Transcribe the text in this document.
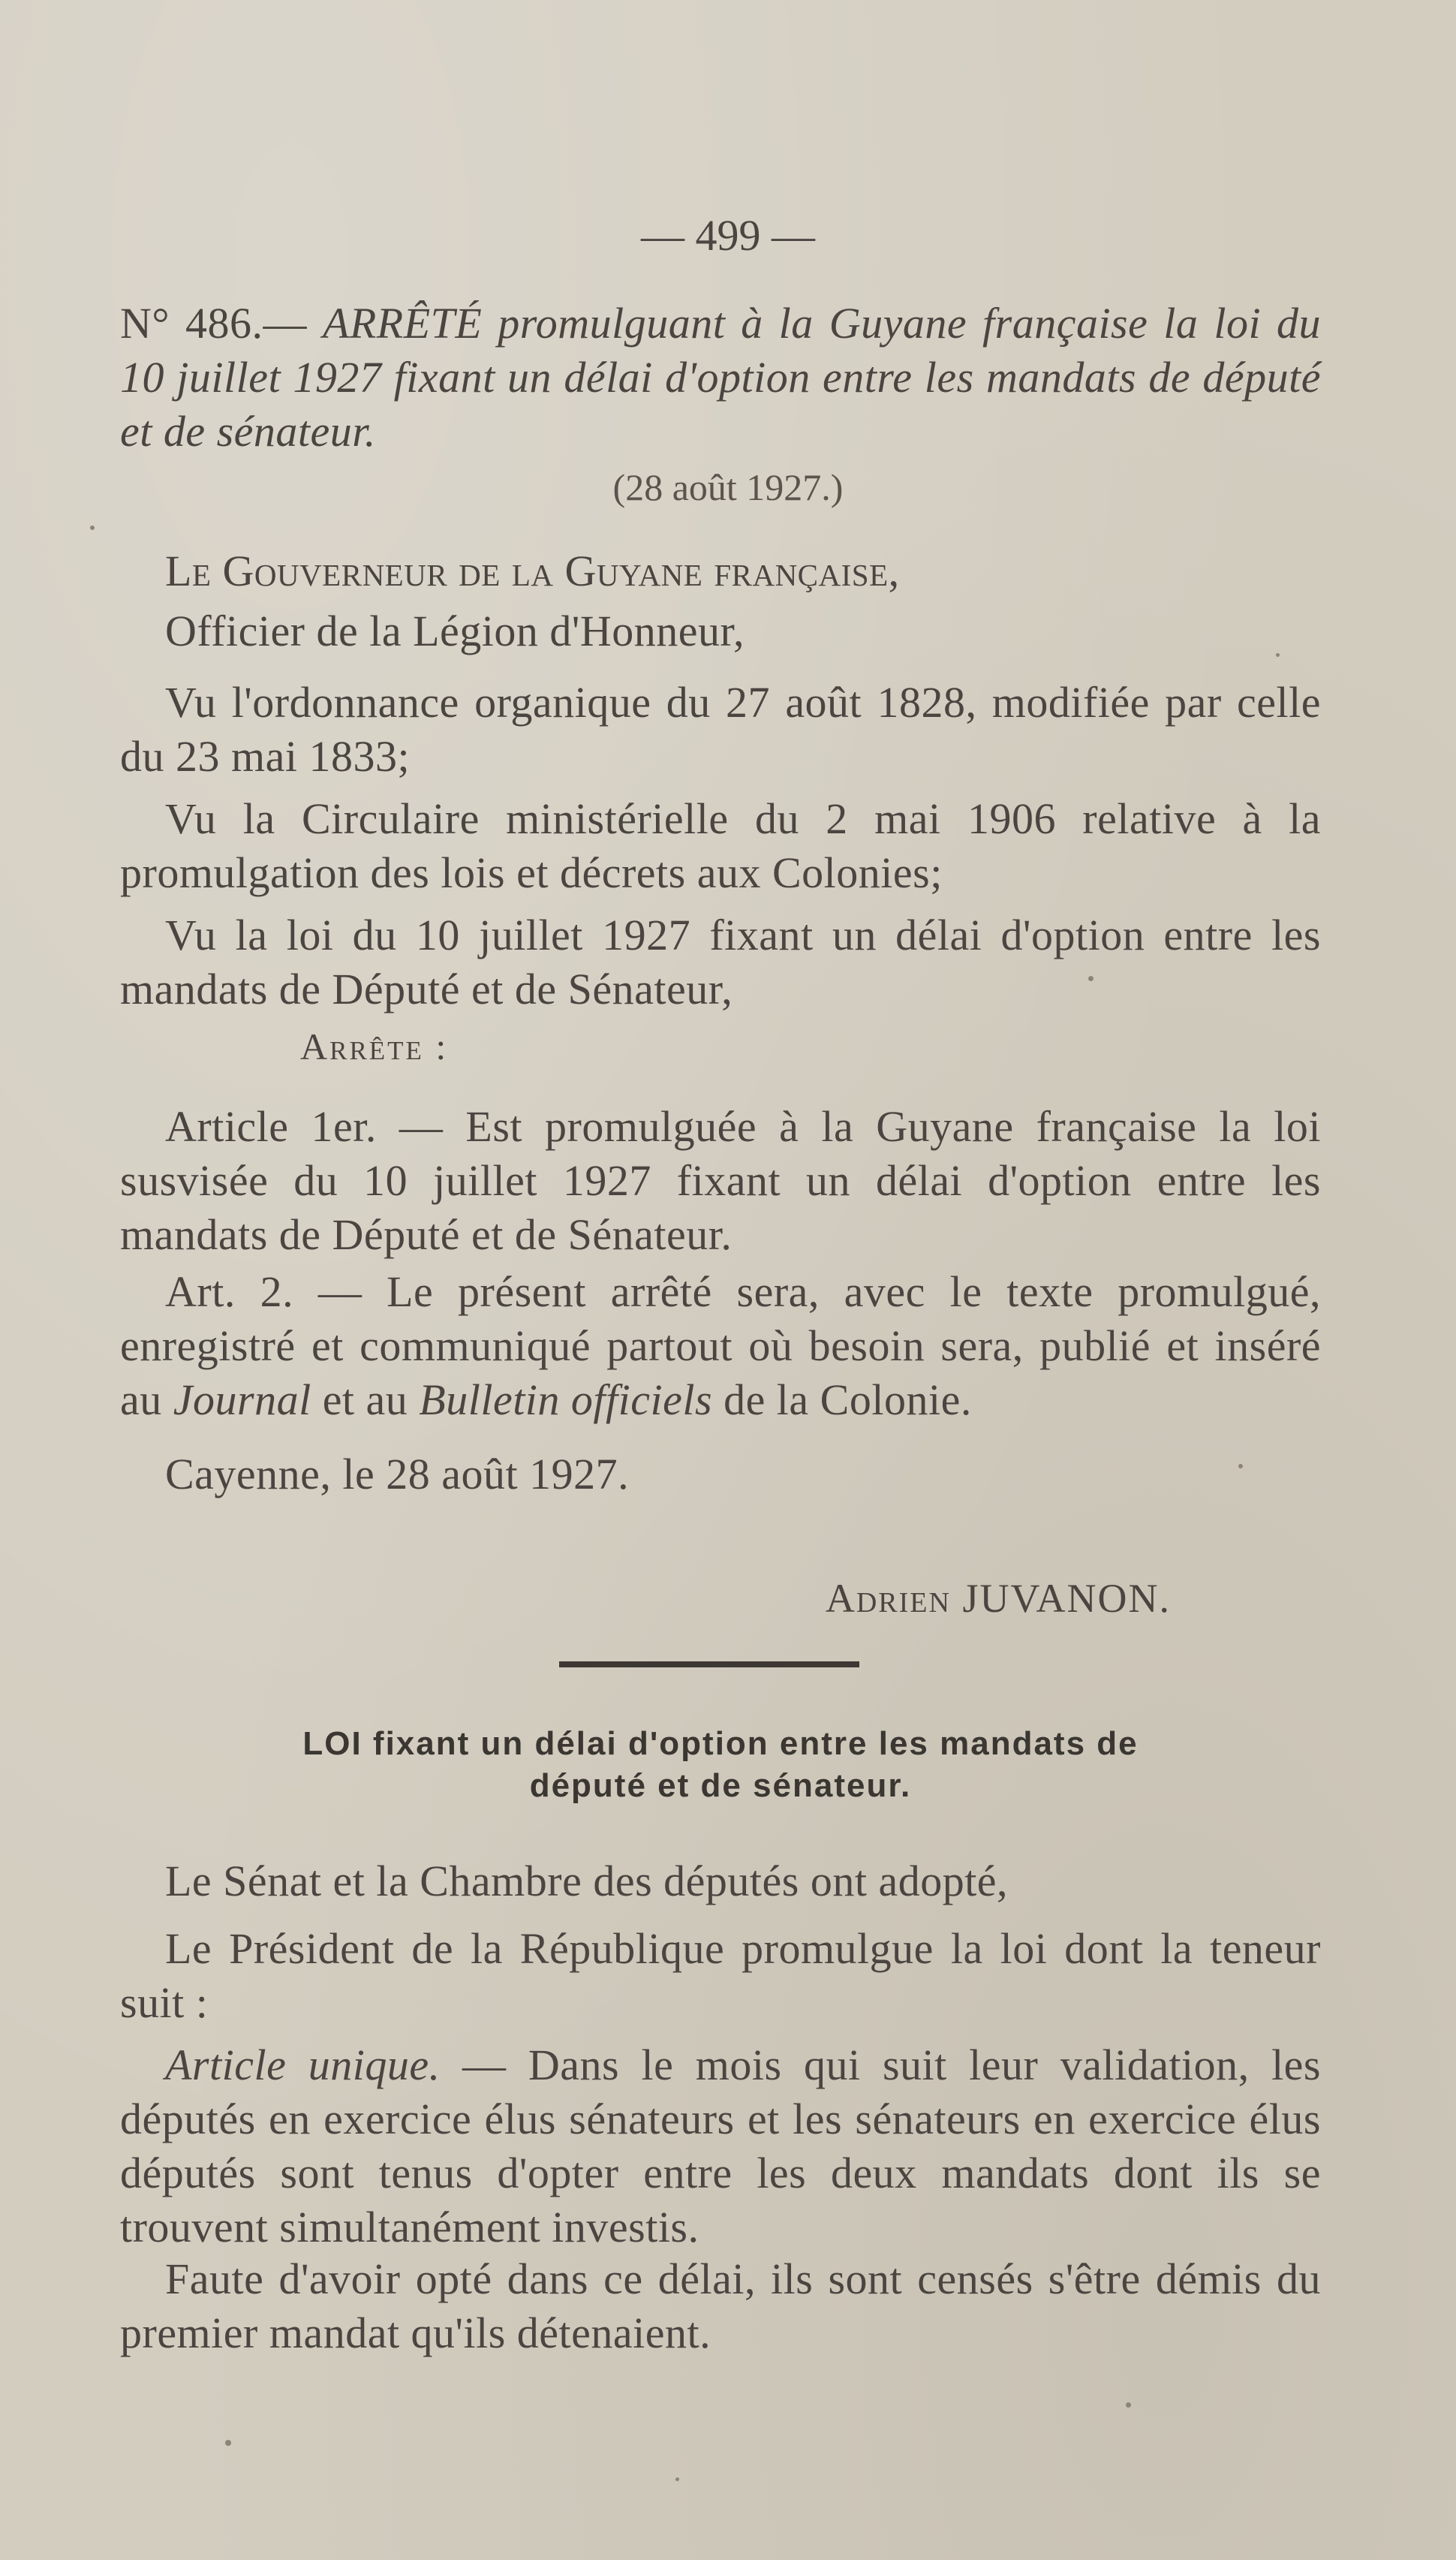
— 499 —
N° 486.— ARRÊTÉ promulguant à la Guyane française la loi du 10 juillet 1927 fixant un délai d'option entre les mandats de député et de sénateur.
(28 août 1927.)
Le Gouverneur de la Guyane française,
Officier de la Légion d'Honneur,
Vu l'ordonnance organique du 27 août 1828, modifiée par celle du 23 mai 1833;
Vu la Circulaire ministérielle du 2 mai 1906 relative à la promulgation des lois et décrets aux Colonies;
Vu la loi du 10 juillet 1927 fixant un délai d'option entre les mandats de Député et de Sénateur,
Arrête :
Article 1er. — Est promulguée à la Guyane française la loi susvisée du 10 juillet 1927 fixant un délai d'option entre les mandats de Député et de Sénateur.
Art. 2. — Le présent arrêté sera, avec le texte promulgué, enregistré et communiqué partout où besoin sera, publié et inséré au Journal et au Bulletin officiels de la Colonie.
Cayenne, le 28 août 1927.
Adrien JUVANON.
LOI fixant un délai d'option entre les mandats de
député et de sénateur.
Le Sénat et la Chambre des députés ont adopté,
Le Président de la République promulgue la loi dont la teneur suit :
Article unique. — Dans le mois qui suit leur validation, les députés en exercice élus sénateurs et les sénateurs en exercice élus députés sont tenus d'opter entre les deux mandats dont ils se trouvent simultanément investis.
Faute d'avoir opté dans ce délai, ils sont censés s'être démis du premier mandat qu'ils détenaient.
